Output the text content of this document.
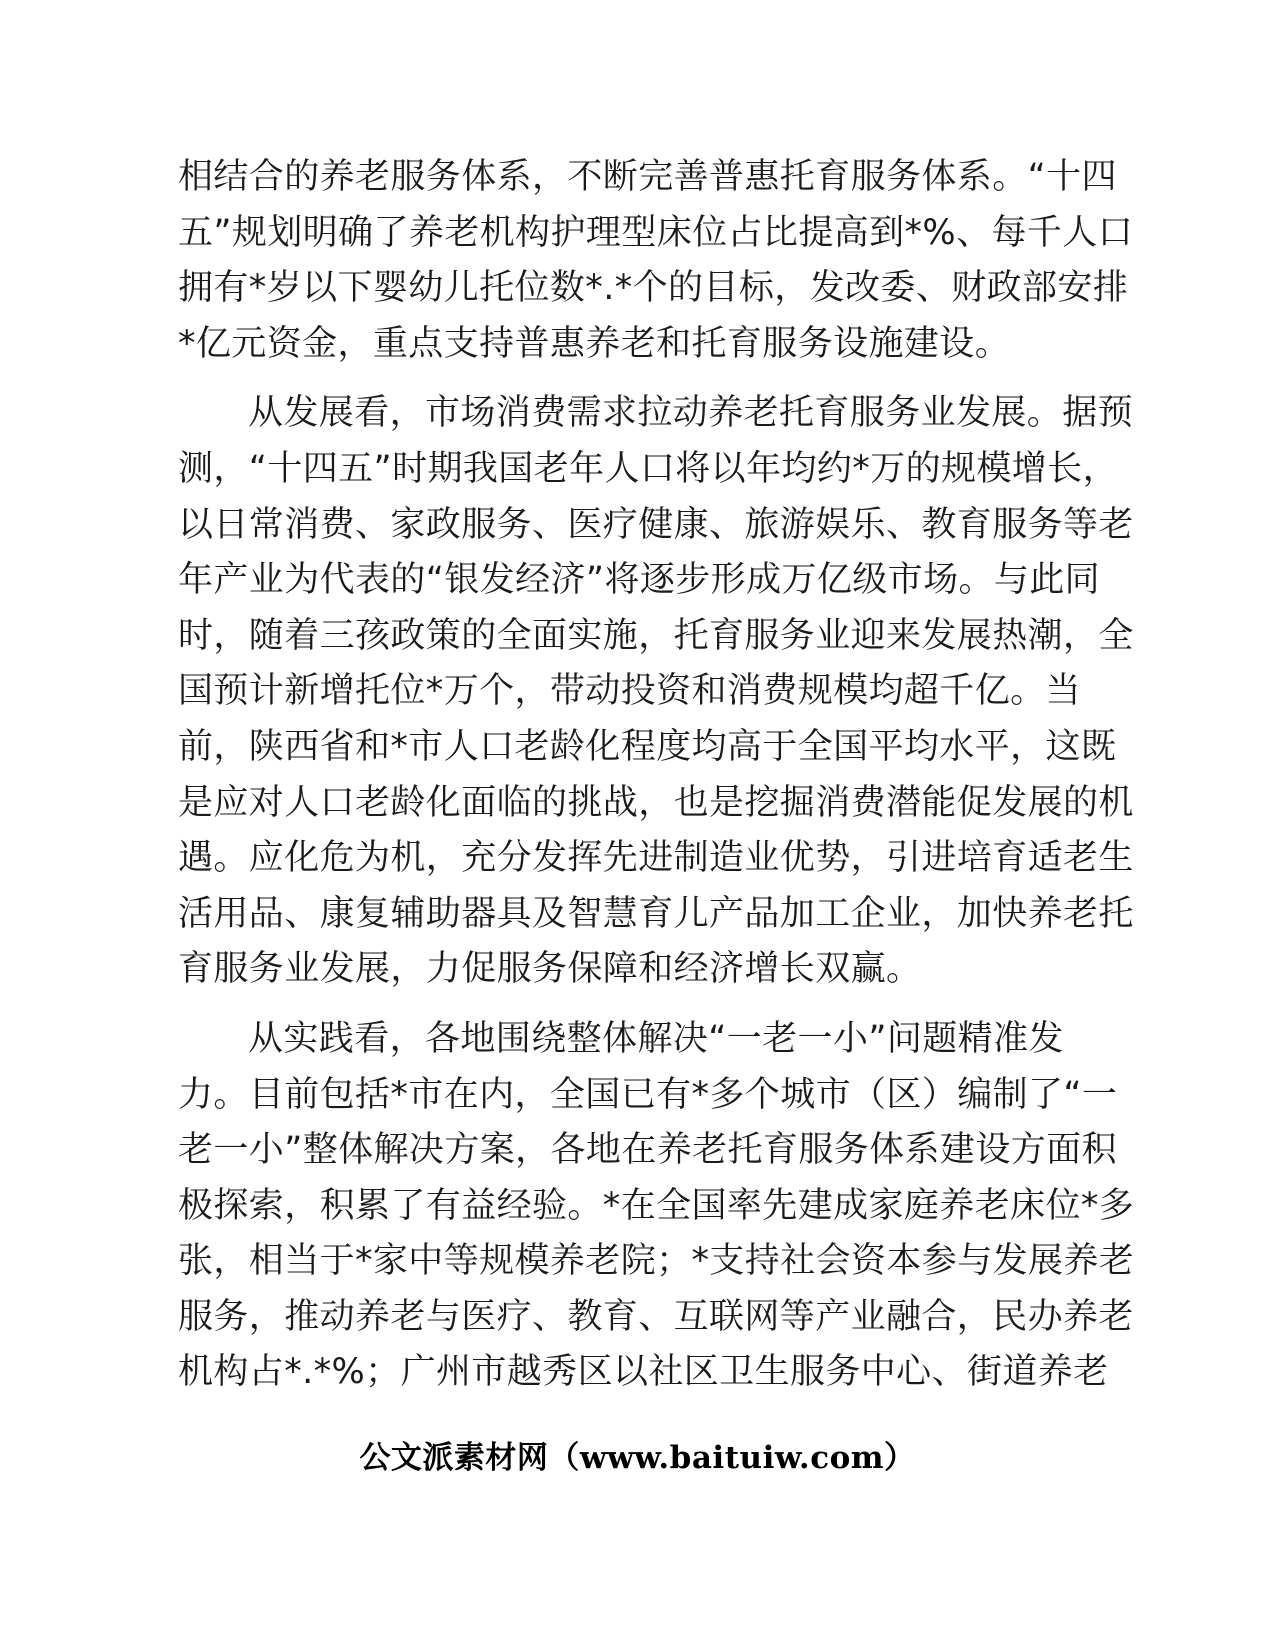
相结合的养老服务体系，不断完善普惠托育服务体系。“十四
五”规划明确了养老机构护理型床位占比提高到*%、每千人口
拥有*岁以下婴幼儿托位数*.*个的目标，发改委、财政部安排
*亿元资金，重点支持普惠养老和托育服务设施建设。
从发展看，市场消费需求拉动养老托育服务业发展。据预
测，“十四五”时期我国老年人口将以年均约*万的规模增长，
以日常消费、家政服务、医疗健康、旅游娱乐、教育服务等老
年产业为代表的“银发经济”将逐步形成万亿级市场。与此同
时，随着三孩政策的全面实施，托育服务业迎来发展热潮，全
国预计新增托位*万个，带动投资和消费规模均超千亿。当
前，陕西省和*市人口老龄化程度均高于全国平均水平，这既
是应对人口老龄化面临的挑战，也是挖掘消费潜能促发展的机
遇。应化危为机，充分发挥先进制造业优势，引进培育适老生
活用品、康复辅助器具及智慧育儿产品加工企业，加快养老托
育服务业发展，力促服务保障和经济增长双赢。
从实践看，各地围绕整体解决“一老一小”问题精准发
力。目前包括*市在内，全国已有*多个城市（区）编制了“一
老一小”整体解决方案，各地在养老托育服务体系建设方面积
极探索，积累了有益经验。*在全国率先建成家庭养老床位*多
张，相当于*家中等规模养老院；*支持社会资本参与发展养老
服务，推动养老与医疗、教育、互联网等产业融合，民办养老
机构占*.*%；广州市越秀区以社区卫生服务中心、街道养老
公文派素材网（www.baituiw.com）
